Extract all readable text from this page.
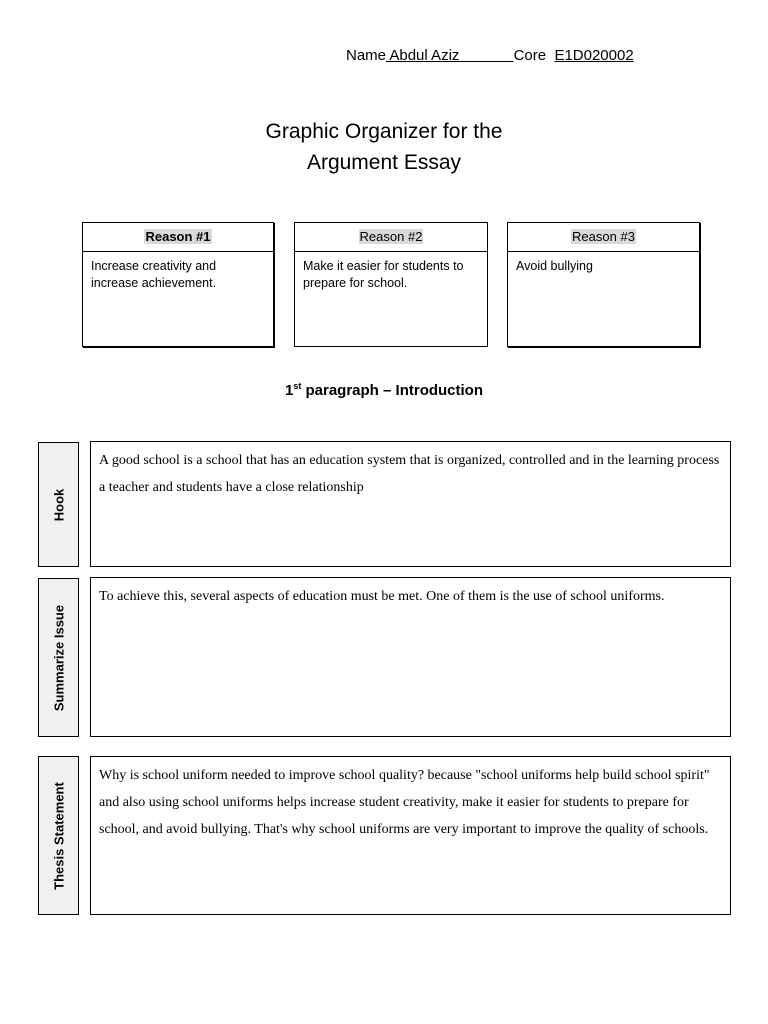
Name Abdul Aziz             Core E1D020002
Graphic Organizer for the
Argument Essay
Reason #1
Increase creativity and increase achievement.
Reason #2
Make it easier for students to prepare for school.
Reason #3
Avoid bullying
1st paragraph – Introduction
Hook
A good school is a school that has an education system that is organized, controlled and in the learning process a teacher and students have a close relationship
Summarize Issue
To achieve this, several aspects of education must be met. One of them is the use of school uniforms.
Thesis Statement
Why is school uniform needed to improve school quality? because "school uniforms help build school spirit" and also using school uniforms helps increase student creativity, make it easier for students to prepare for school, and avoid bullying. That's why school uniforms are very important to improve the quality of schools.
